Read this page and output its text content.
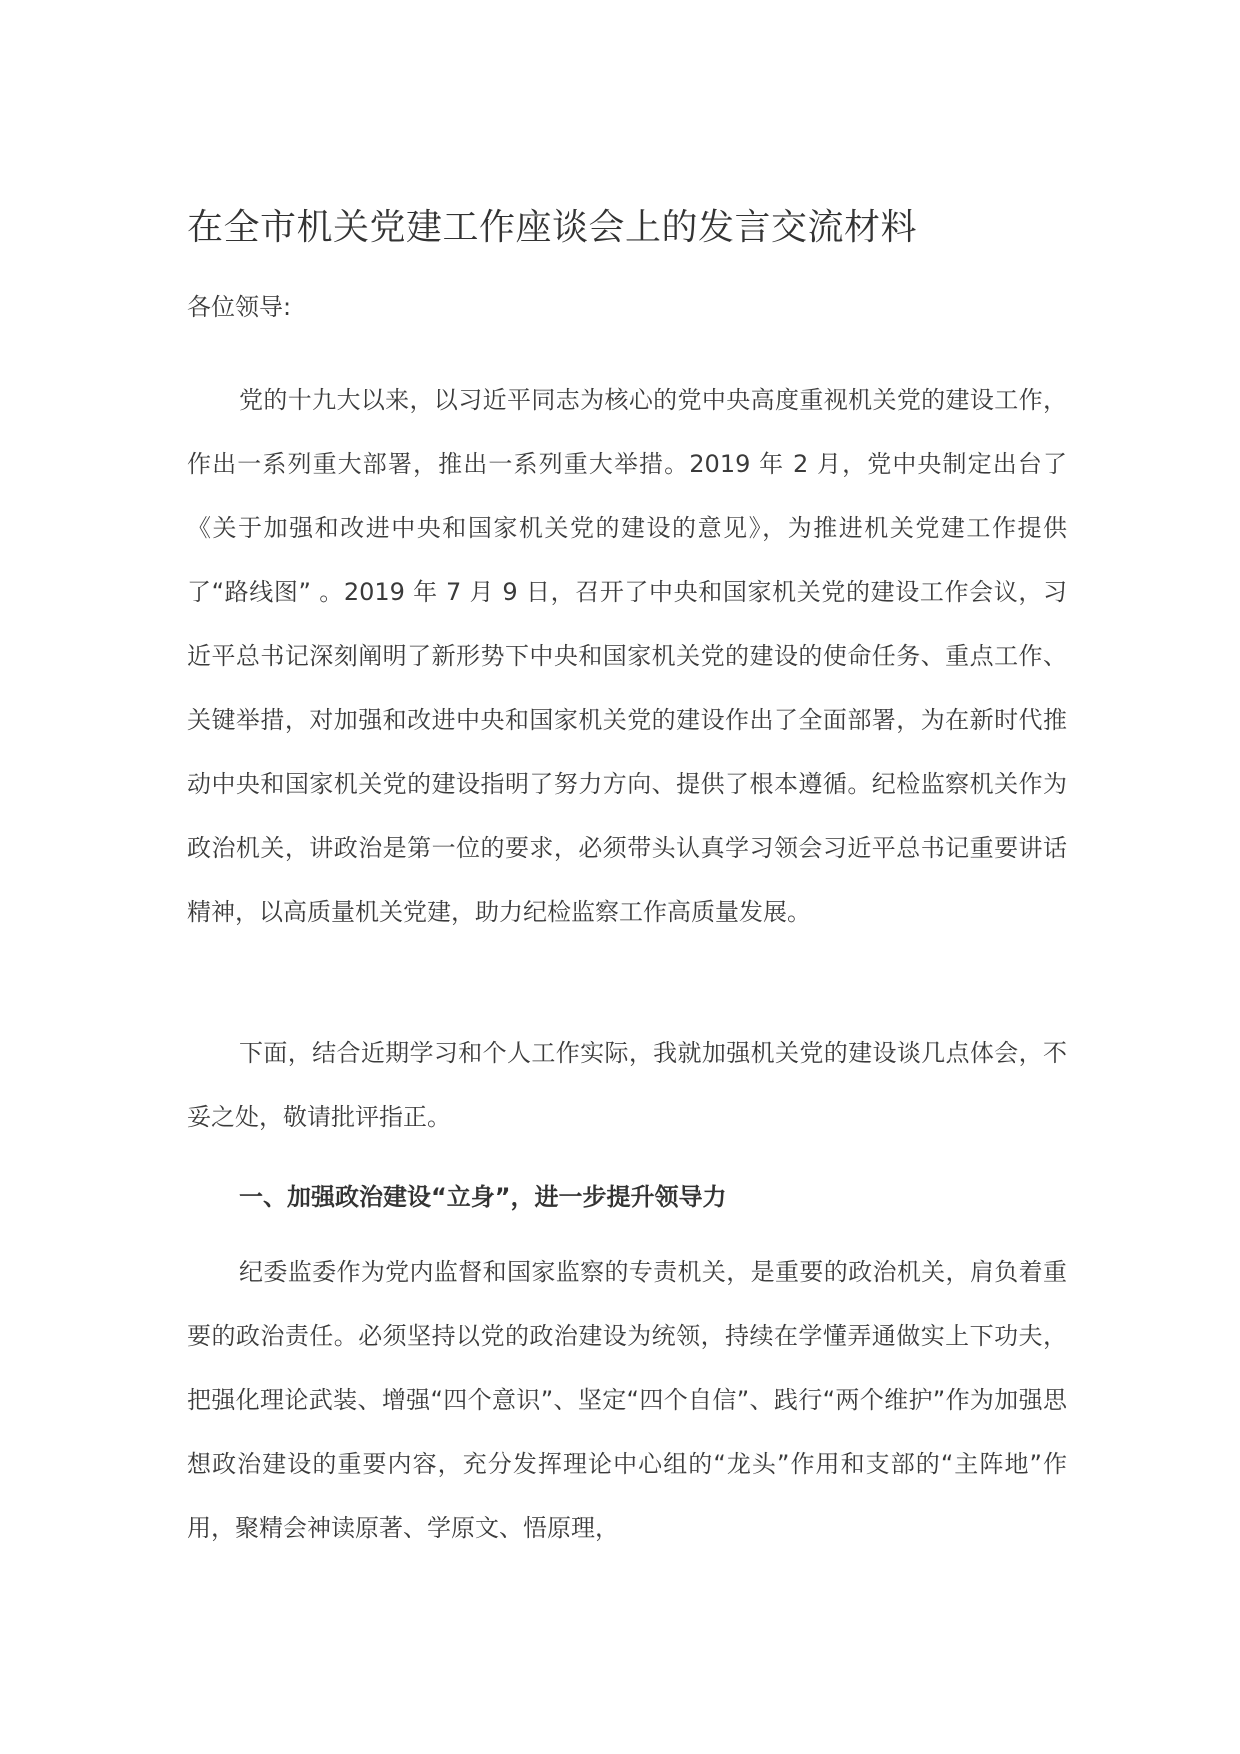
在全市机关党建工作座谈会上的发言交流材料

各位领导:

党的十九大以来，以习近平同志为核心的党中央高度重视机关党的建设工作，作出一系列重大部署，推出一系列重大举措。2019 年 2 月，党中央制定出台了《关于加强和改进中央和国家机关党的建设的意见》，为推进机关党建工作提供了“路线图” 。2019 年 7 月 9 日，召开了中央和国家机关党的建设工作会议，习近平总书记深刻阐明了新形势下中央和国家机关党的建设的使命任务、重点工作、关键举措，对加强和改进中央和国家机关党的建设作出了全面部署，为在新时代推动中央和国家机关党的建设指明了努力方向、提供了根本遵循。纪检监察机关作为政治机关，讲政治是第一位的要求，必须带头认真学习领会习近平总书记重要讲话精神，以高质量机关党建，助力纪检监察工作高质量发展。

下面，结合近期学习和个人工作实际，我就加强机关党的建设谈几点体会，不妥之处，敬请批评指正。

一、加强政治建设“立身”，进一步提升领导力

纪委监委作为党内监督和国家监察的专责机关，是重要的政治机关，肩负着重要的政治责任。必须坚持以党的政治建设为统领，持续在学懂弄通做实上下功夫，把强化理论武装、增强“四个意识”、坚定“四个自信”、践行“两个维护”作为加强思想政治建设的重要内容，充分发挥理论中心组的“龙头”作用和支部的“主阵地”作用，聚精会神读原著、学原文、悟原理，
